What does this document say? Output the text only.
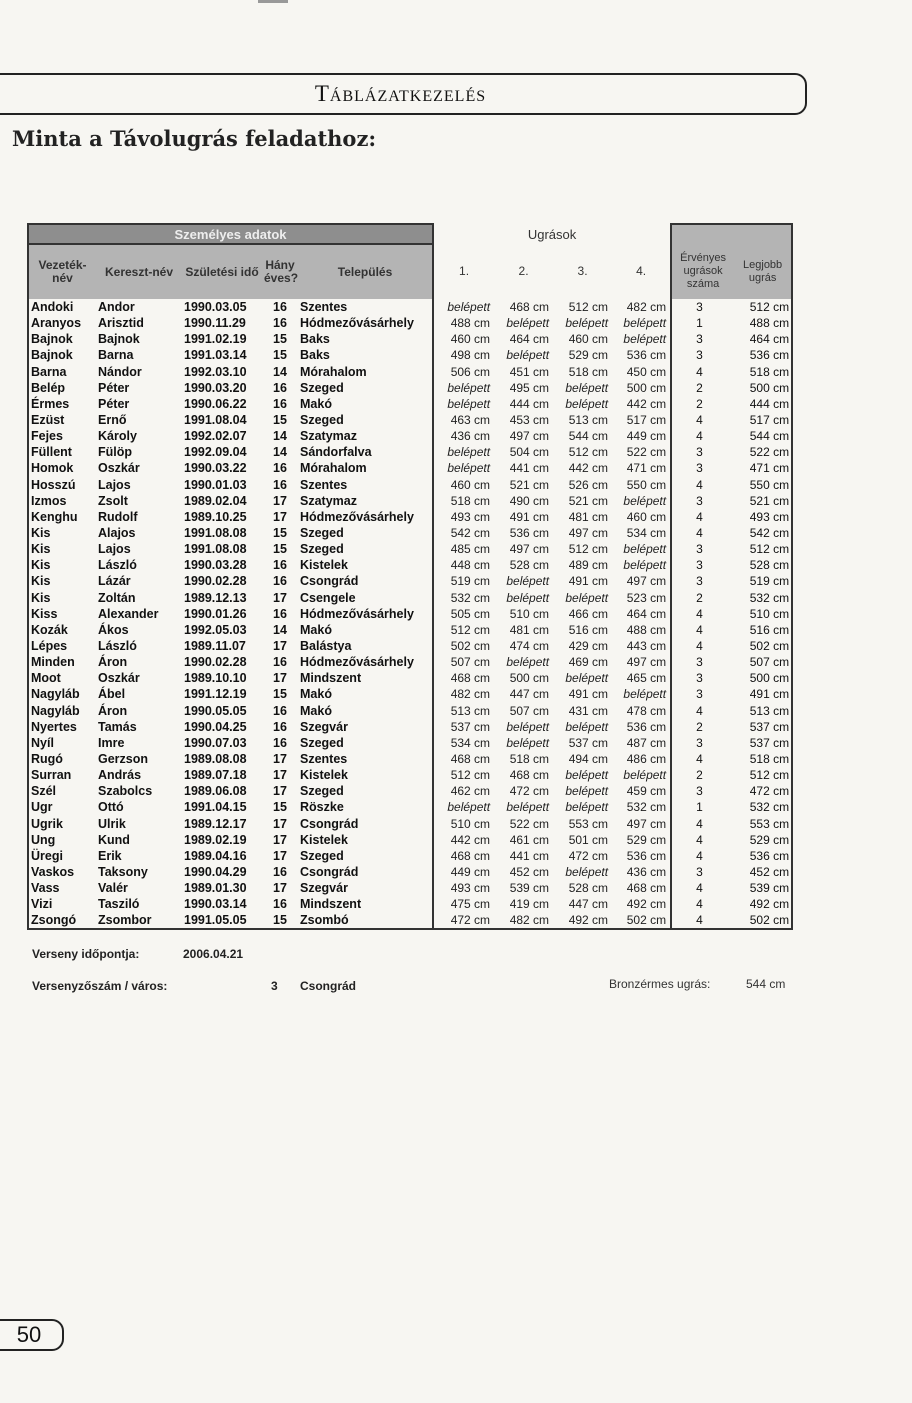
Táblázatkezelés
Minta a Távolugrás feladathoz:
Személyes adatok					Ugrások					
Vezeték-név	Kereszt-név	Születési idő	Hány éves?	Település	1.	2.	3.	4.	Érvényes ugrások száma	Legjobb ugrás
Andoki	Andor	1990.03.05	16	Szentes	belépett	468 cm	512 cm	482 cm	3	512 cm
Aranyos	Arisztid	1990.11.29	16	Hódmezővásárhely	488 cm	belépett	belépett	belépett	1	488 cm
Bajnok	Bajnok	1991.02.19	15	Baks	460 cm	464 cm	460 cm	belépett	3	464 cm
Bajnok	Barna	1991.03.14	15	Baks	498 cm	belépett	529 cm	536 cm	3	536 cm
Barna	Nándor	1992.03.10	14	Mórahalom	506 cm	451 cm	518 cm	450 cm	4	518 cm
Belép	Péter	1990.03.20	16	Szeged	belépett	495 cm	belépett	500 cm	2	500 cm
Érmes	Péter	1990.06.22	16	Makó	belépett	444 cm	belépett	442 cm	2	444 cm
Ezüst	Ernő	1991.08.04	15	Szeged	463 cm	453 cm	513 cm	517 cm	4	517 cm
Fejes	Károly	1992.02.07	14	Szatymaz	436 cm	497 cm	544 cm	449 cm	4	544 cm
Füllent	Fülöp	1992.09.04	14	Sándorfalva	belépett	504 cm	512 cm	522 cm	3	522 cm
Homok	Oszkár	1990.03.22	16	Mórahalom	belépett	441 cm	442 cm	471 cm	3	471 cm
Hosszú	Lajos	1990.01.03	16	Szentes	460 cm	521 cm	526 cm	550 cm	4	550 cm
Izmos	Zsolt	1989.02.04	17	Szatymaz	518 cm	490 cm	521 cm	belépett	3	521 cm
Kenghu	Rudolf	1989.10.25	17	Hódmezővásárhely	493 cm	491 cm	481 cm	460 cm	4	493 cm
Kis	Alajos	1991.08.08	15	Szeged	542 cm	536 cm	497 cm	534 cm	4	542 cm
Kis	Lajos	1991.08.08	15	Szeged	485 cm	497 cm	512 cm	belépett	3	512 cm
Kis	László	1990.03.28	16	Kistelek	448 cm	528 cm	489 cm	belépett	3	528 cm
Kis	Lázár	1990.02.28	16	Csongrád	519 cm	belépett	491 cm	497 cm	3	519 cm
Kis	Zoltán	1989.12.13	17	Csengele	532 cm	belépett	belépett	523 cm	2	532 cm
Kiss	Alexander	1990.01.26	16	Hódmezővásárhely	505 cm	510 cm	466 cm	464 cm	4	510 cm
Kozák	Ákos	1992.05.03	14	Makó	512 cm	481 cm	516 cm	488 cm	4	516 cm
Lépes	László	1989.11.07	17	Balástya	502 cm	474 cm	429 cm	443 cm	4	502 cm
Minden	Áron	1990.02.28	16	Hódmezővásárhely	507 cm	belépett	469 cm	497 cm	3	507 cm
Moot	Oszkár	1989.10.10	17	Mindszent	468 cm	500 cm	belépett	465 cm	3	500 cm
Nagyláb	Ábel	1991.12.19	15	Makó	482 cm	447 cm	491 cm	belépett	3	491 cm
Nagyláb	Áron	1990.05.05	16	Makó	513 cm	507 cm	431 cm	478 cm	4	513 cm
Nyertes	Tamás	1990.04.25	16	Szegvár	537 cm	belépett	belépett	536 cm	2	537 cm
Nyíl	Imre	1990.07.03	16	Szeged	534 cm	belépett	537 cm	487 cm	3	537 cm
Rugó	Gerzson	1989.08.08	17	Szentes	468 cm	518 cm	494 cm	486 cm	4	518 cm
Surran	András	1989.07.18	17	Kistelek	512 cm	468 cm	belépett	belépett	2	512 cm
Szél	Szabolcs	1989.06.08	17	Szeged	462 cm	472 cm	belépett	459 cm	3	472 cm
Ugr	Ottó	1991.04.15	15	Röszke	belépett	belépett	belépett	532 cm	1	532 cm
Ugrik	Ulrik	1989.12.17	17	Csongrád	510 cm	522 cm	553 cm	497 cm	4	553 cm
Ung	Kund	1989.02.19	17	Kistelek	442 cm	461 cm	501 cm	529 cm	4	529 cm
Üregi	Erik	1989.04.16	17	Szeged	468 cm	441 cm	472 cm	536 cm	4	536 cm
Vaskos	Taksony	1990.04.29	16	Csongrád	449 cm	452 cm	belépett	436 cm	3	452 cm
Vass	Valér	1989.01.30	17	Szegvár	493 cm	539 cm	528 cm	468 cm	4	539 cm
Vizi	Tasziló	1990.03.14	16	Mindszent	475 cm	419 cm	447 cm	492 cm	4	492 cm
Zsongó	Zsombor	1991.05.05	15	Zsombó	472 cm	482 cm	492 cm	502 cm	4	502 cm
Verseny időpontja:	2006.04.21
Versenyzőszám / város:	3 Csongrád	Bronzérmes ugrás:	544 cm
50
